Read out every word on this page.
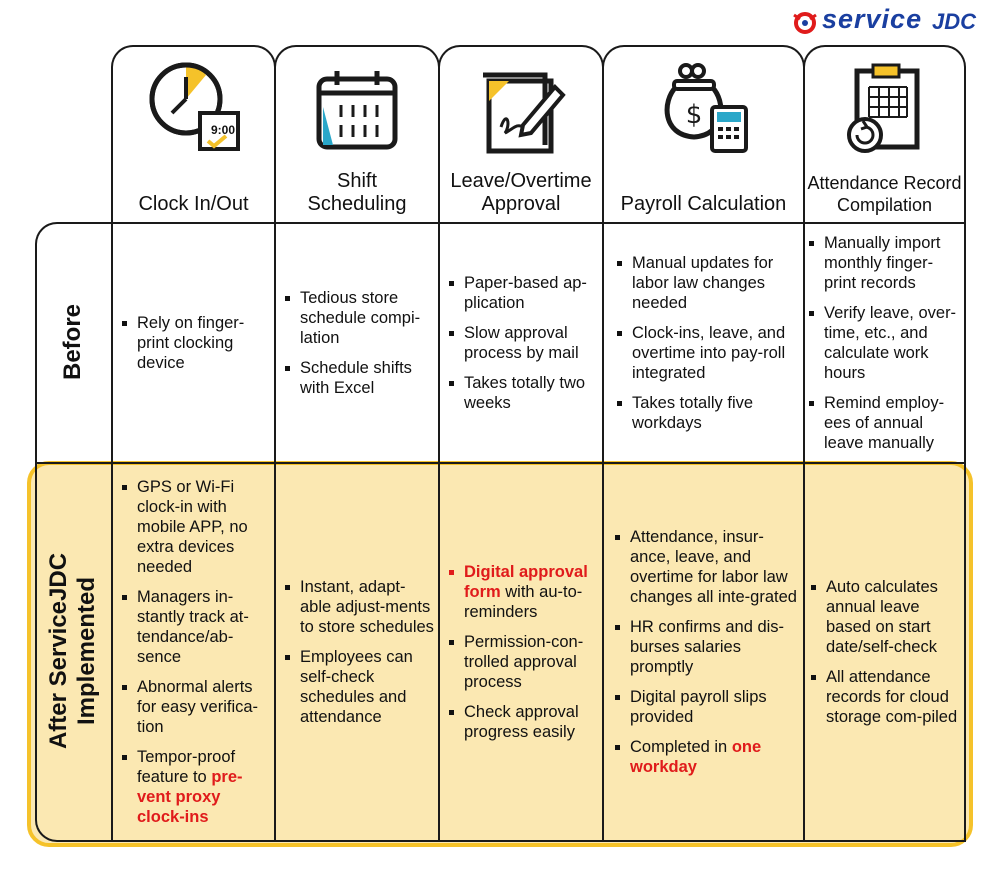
service JDC
9:00
Clock In/Out
Shift Scheduling
Leave/Overtime Approval
$
Payroll Calculation
Attendance Record Compilation
Before
After ServiceJDC Implemented
Rely on finger-print clocking device
Tedious store schedule compi-lation
Schedule shifts with Excel
Paper-based ap-plication
Slow approval process by mail
Takes totally two weeks
Manual updates for labor law changes needed
Clock-ins, leave, and overtime into pay-roll integrated
Takes totally five workdays
Manually import monthly finger-print records
Verify leave, over-time, etc., and calculate work hours
Remind employ-ees of annual leave manually
GPS or Wi-Fi clock-in with mobile APP, no extra devices needed
Managers in-stantly track at-tendance/ab-sence
Abnormal alerts for easy verifica-tion
Tempor-proof feature to pre-vent proxy clock-ins
Instant, adapt-able adjust-ments to store schedules
Employees can self-check schedules and attendance
Digital approval form with au-to-reminders
Permission-con-trolled approval process
Check approval progress easily
Attendance, insur-ance, leave, and overtime for labor law changes all inte-grated
HR confirms and dis-burses salaries promptly
Digital payroll slips provided
Completed in one workday
Auto calculates annual leave based on start date/self-check
All attendance records for cloud storage com-piled
